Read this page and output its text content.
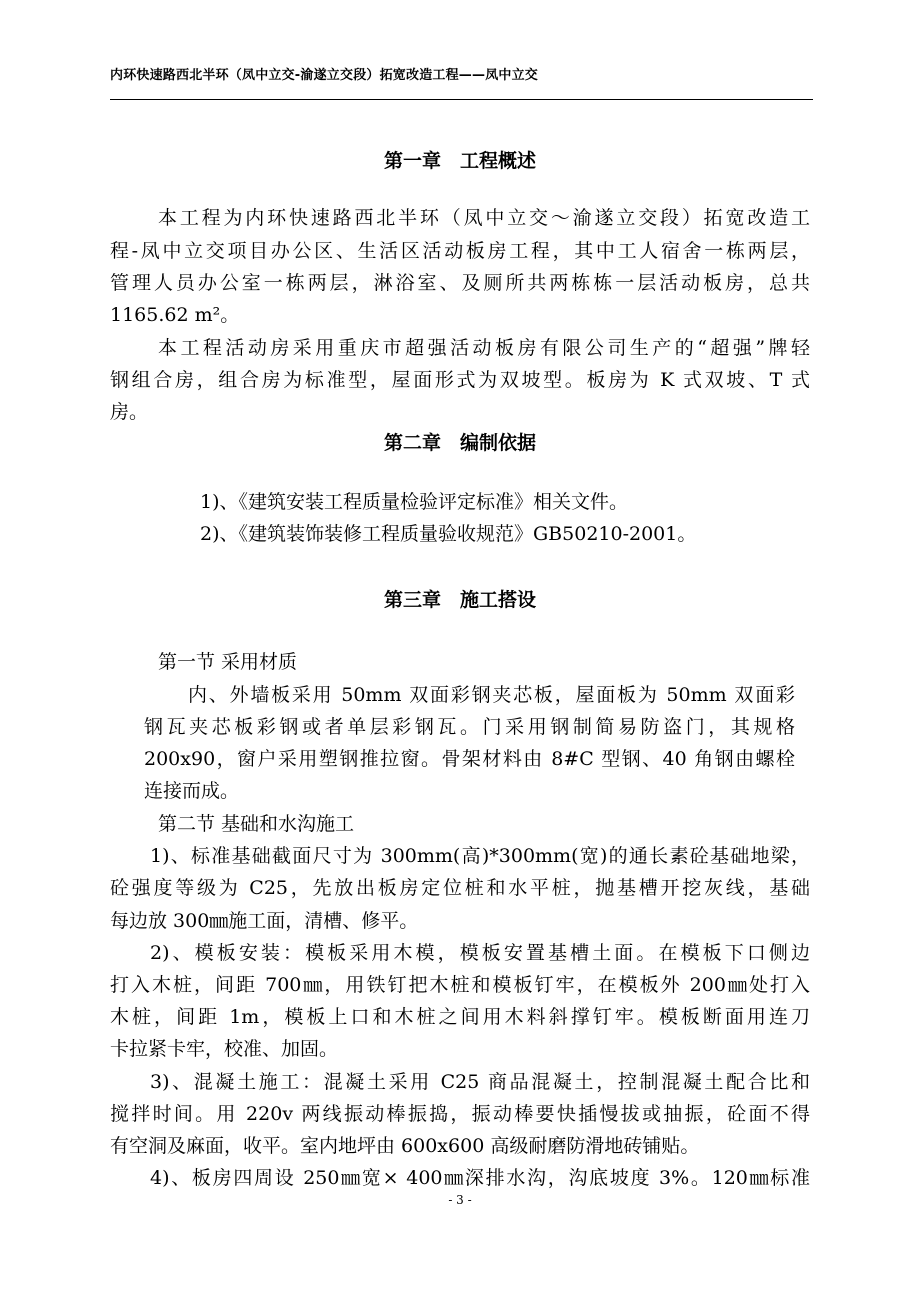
内环快速路西北半环（凤中立交-渝遂立交段）拓宽改造工程——凤中立交
第一章　工程概述
本工程为内环快速路西北半环（凤中立交～渝遂立交段）拓宽改造工
程-凤中立交项目办公区、生活区活动板房工程，其中工人宿舍一栋两层，
管理人员办公室一栋两层，淋浴室、及厕所共两栋栋一层活动板房，总共
1165.62 m²。
本工程活动房采用重庆市超强活动板房有限公司生产的“超强”牌轻
钢组合房，组合房为标准型，屋面形式为双坡型。板房为 K 式双坡、T 式
房。
第二章　编制依据
1)、《建筑安装工程质量检验评定标准》相关文件。
2)、《建筑装饰装修工程质量验收规范》GB50210-2001。
第三章　施工搭设
第一节 采用材质
内、外墙板采用 50mm 双面彩钢夹芯板，屋面板为 50mm 双面彩
钢瓦夹芯板彩钢或者单层彩钢瓦。门采用钢制简易防盗门，其规格
200x90，窗户采用塑钢推拉窗。骨架材料由 8#C 型钢、40 角钢由螺栓
连接而成。
第二节 基础和水沟施工
1)、标准基础截面尺寸为 300mm(高)*300mm(宽)的通长素砼基础地梁，
砼强度等级为 C25，先放出板房定位桩和水平桩，抛基槽开挖灰线，基础
每边放 300㎜施工面，清槽、修平。
2)、模板安装：模板采用木模，模板安置基槽土面。在模板下口侧边
打入木桩，间距 700㎜，用铁钉把木桩和模板钉牢，在模板外 200㎜处打入
木桩，间距 1m，模板上口和木桩之间用木料斜撑钉牢。模板断面用连刀
卡拉紧卡牢，校准、加固。
3)、混凝土施工：混凝土采用 C25 商品混凝土，控制混凝土配合比和
搅拌时间。用 220v 两线振动棒振捣，振动棒要快插慢拔或抽振，砼面不得
有空洞及麻面，收平。室内地坪由 600x600 高级耐磨防滑地砖铺贴。
4)、板房四周设 250㎜宽× 400㎜深排水沟，沟底坡度 3%。120㎜标准
- 3 -
